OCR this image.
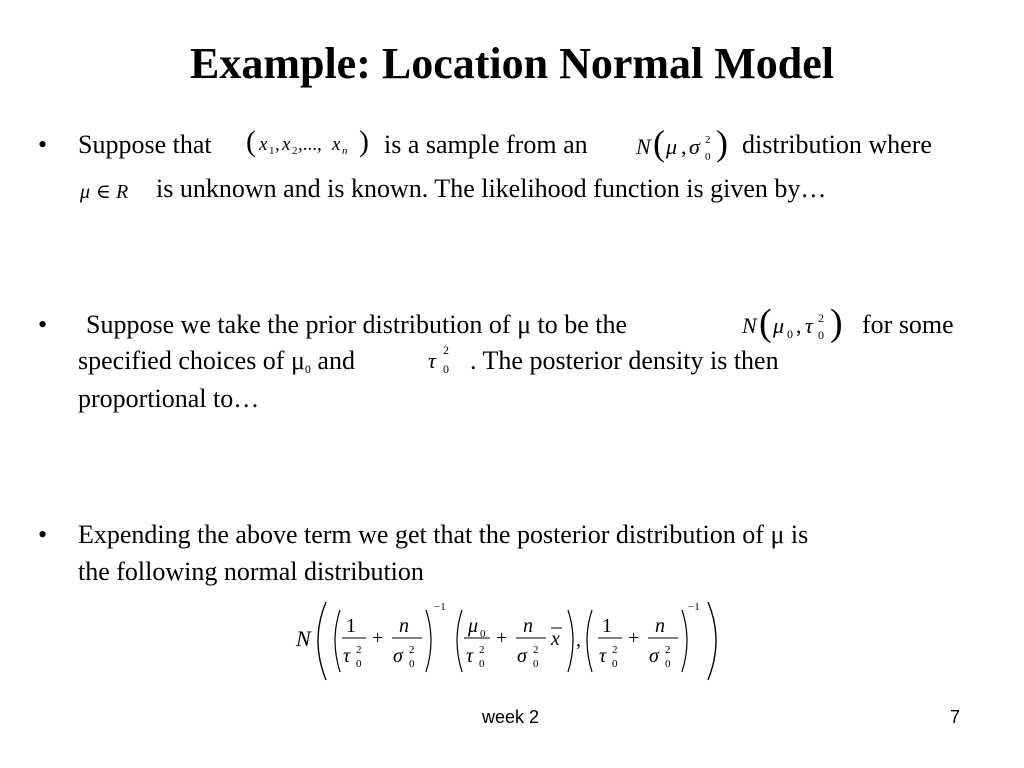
Example: Location Normal Model
• Suppose that ( x 1 , x 2 ,..., x n ) is a sample from an N ( μ , σ 2
0 ) distribution where
μ ∈ R is unknown and is known. The likelihood function is given by…
• Suppose we take the prior distribution of μ to be the	N ( μ 0 , τ 2
0 ) for some
specified choices of $\mu_0$ and	τ 2
0 . The posterior density is then
proportional to…
• Expending the above term we get that the posterior distribution of μ is
the following normal distribution
N 1
τ 2
0
+
n
σ 2
0
−1
μ 0
τ 2
0
+
n
σ 2
0
x ,
1
τ 2
0
+
n
σ 2
0
−1
week 2	7
